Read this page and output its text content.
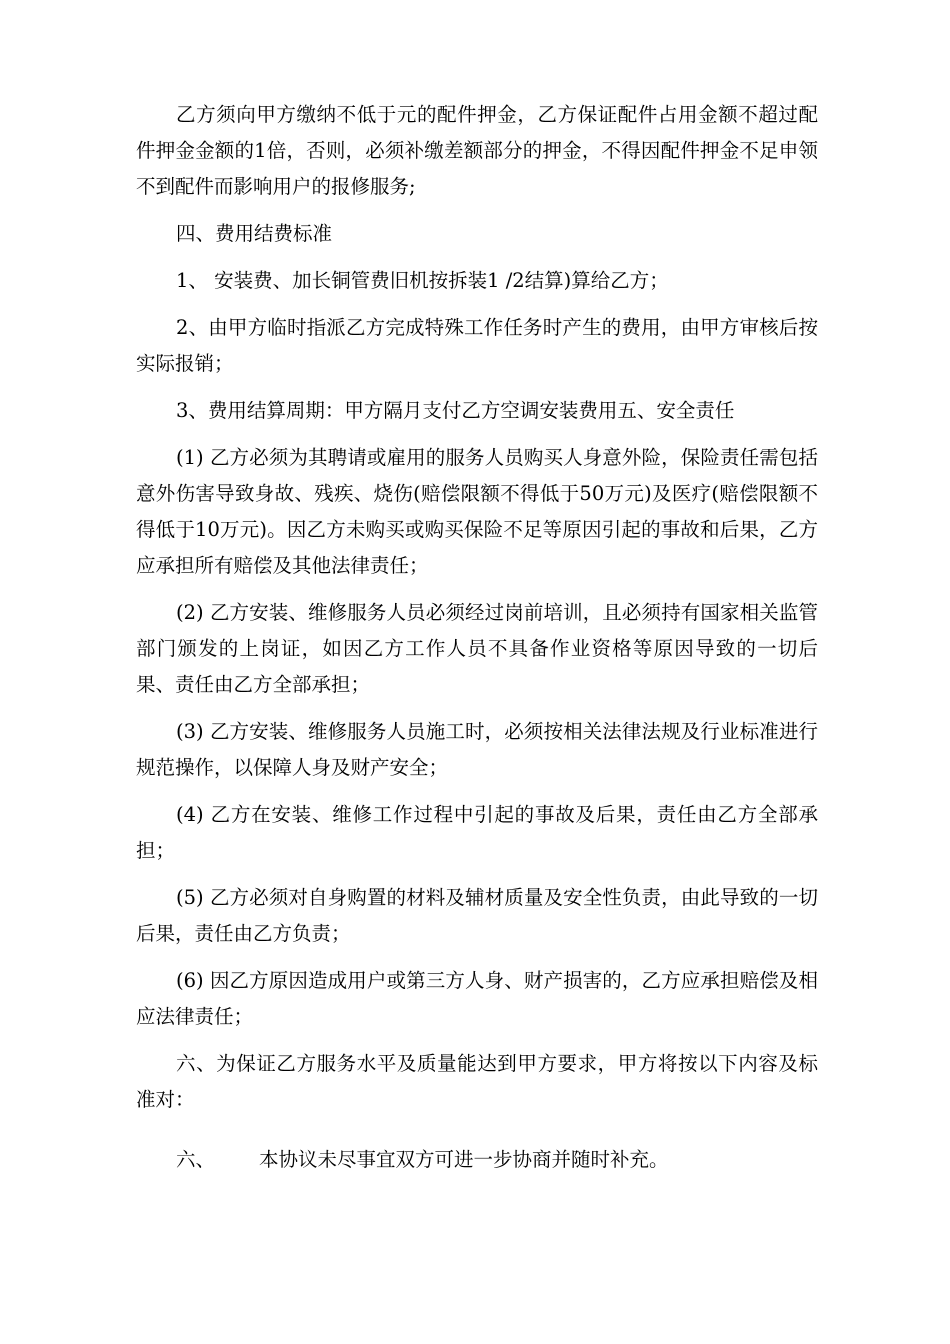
乙方须向甲方缴纳不低于元的配件押金，乙方保证配件占用金额不超过配件押金金额的1倍，否则，必须补缴差额部分的押金，不得因配件押金不足申领不到配件而影响用户的报修服务;

四、费用结费标准

1、 安装费、加长铜管费旧机按拆装1 /2结算)算给乙方；

2、由甲方临时指派乙方完成特殊工作任务时产生的费用，由甲方审核后按实际报销；

3、费用结算周期：甲方隔月支付乙方空调安装费用五、安全责任

(1) 乙方必须为其聘请或雇用的服务人员购买人身意外险，保险责任需包括意外伤害导致身故、残疾、烧伤(赔偿限额不得低于50万元)及医疗(赔偿限额不得低于10万元)。因乙方未购买或购买保险不足等原因引起的事故和后果，乙方应承担所有赔偿及其他法律责任；

(2) 乙方安装、维修服务人员必须经过岗前培训，且必须持有国家相关监管部门颁发的上岗证，如因乙方工作人员不具备作业资格等原因导致的一切后果、责任由乙方全部承担；

(3) 乙方安装、维修服务人员施工时，必须按相关法律法规及行业标准进行规范操作，以保障人身及财产安全；

(4) 乙方在安装、维修工作过程中引起的事故及后果，责任由乙方全部承担；

(5) 乙方必须对自身购置的材料及辅材质量及安全性负责，由此导致的一切后果，责任由乙方负责；

(6) 因乙方原因造成用户或第三方人身、财产损害的，乙方应承担赔偿及相应法律责任；

六、为保证乙方服务水平及质量能达到甲方要求，甲方将按以下内容及标准对：

六、 本协议未尽事宜双方可进一步协商并随时补充。
